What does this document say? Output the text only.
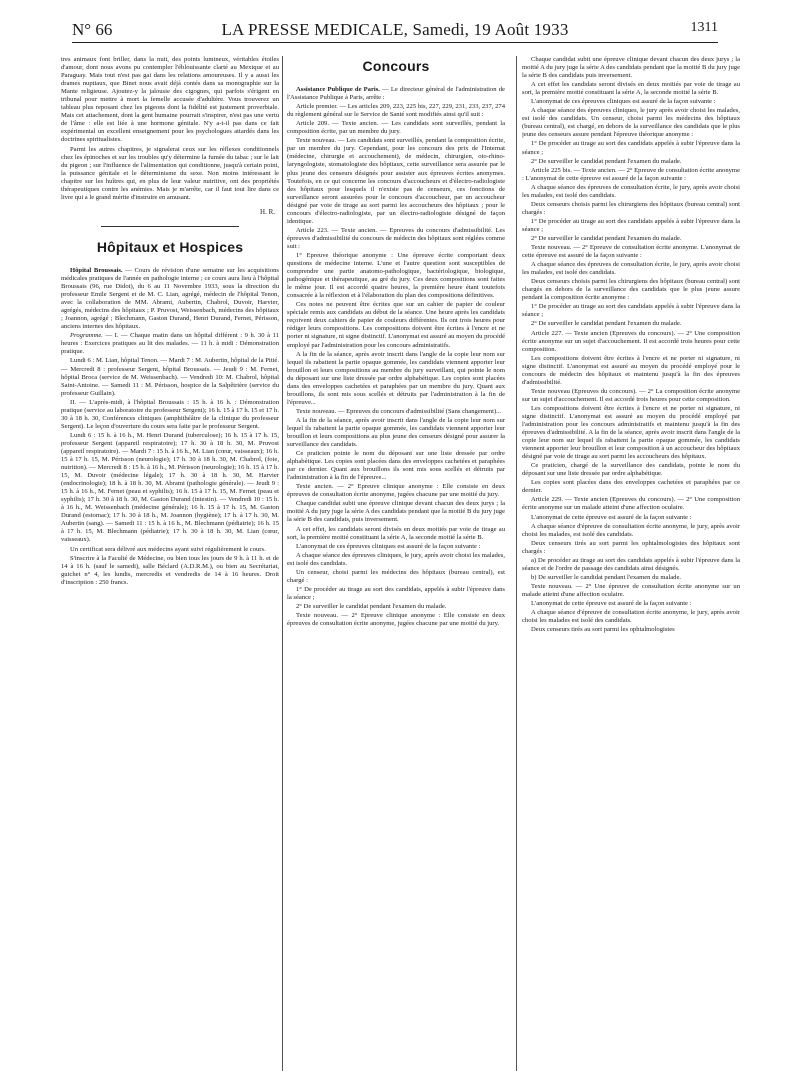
N° 66	LA PRESSE MEDICALE, Samedi, 19 Août 1933	1311

tres animaux font briller, dans la nuit, des points lumineux, véritables étoiles d'amour, dont nous avons pu contempler l'éblouissante clarté au Mexique et au Paraguay. Mais tout n'est pas gai dans les relations amoureuses. Il y a aussi les drames nuptiaux, que Binet nous avait déjà contés dans sa monographie sur la Mante religieuse. Ajoutez-y la jalousie des cigognes, qui parfois s'érigent en tribunal pour mettre à mort la femelle accusée d'adultère. Vous trouverez un tableau plus reposant chez les pigeons dont la fidélité est justement proverbiale. Mais cet attachement, dont la gent humaine pourrait s'inspirer, n'est pas une vertu de l'âme : elle est liée à une hormone génitale. N'y a-t-il pas dans ce fait expérimental un excellent enseignement pour les psychologues attardés dans les doctrines spiritualistes.

Parmi les autres chapitres, je signalerai ceux sur les réflexes conditionnels chez les épinoches et sur les troubles qu'y détermine la fumée du tabac ; sur le lait du pigeon ; sur l'influence de l'alimentation qui conditionne, jusqu'à certain point, la puissance génitale et le déterminisme du sexe. Non moins intéressant le chapitre sur les huîtres qui, en plus de leur valeur nutritive, ont des propriétés thérapeutiques contre les anémies. Mais je m'arrête, car il faut tout lire dans ce livre qui a le grand mérite d'instruire en amusant.

H. R.
Hôpitaux et Hospices

Hôpital Broussais. — Cours de révision d'une semaine sur les acquisitions médicales pratiques de l'année en pathologie interne ; ce cours aura lieu à l'hôpital Broussais (96, rue Didot), du 6 au 11 Novembre 1933, sous la direction du professeur Emile Sergent et de M. C. Lian, agrégé, médecin de l'hôpital Tenon, avec la collaboration de MM. Abrami, Aubertin, Chabrol, Duvoir, Harvier, agrégés, médecins des hôpitaux ; P. Pruvost, Weissenbach, médecins des hôpitaux ; Joannon, agrégé ; Blechmann, Gaston Durand, Henri Durand, Fernet, Périsson, anciens internes des hôpitaux.

Programme. — I. — Chaque matin dans un hôpital différent : 9 h. 30 à 11 heures : Exercices pratiques au lit des malades. — 11 h. à midi : Démonstration pratique.

Lundi 6 : M. Lian, hôpital Tenon. — Mardi 7 : M. Aubertin, hôpital de la Pitié. — Mercredi 8 : professeur Sergent, hôpital Broussais. — Jeudi 9 : M. Fernet, hôpital Broca (service de M. Weissenbach). — Vendredi 10: M. Chabrol, hôpital Saint-Antoine. — Samedi 11 : M. Périsson, hospice de la Salpêtrière (service du professeur Guillain).

II. — L'après-midi, à l'hôpital Broussais : 15 h. à 16 h. : Démonstration pratique (service au laboratoire du professeur Sergent); 16 h. 15 à 17 h. 15 et 17 h. 30 à 18 h. 30, Conférences cliniques (amphithéâtre de la clinique du professeur Sergent). Le leçon d'ouverture du cours sera faite par le professeur Sergent.

Lundi 6 : 15 h. à 16 h., M. Henri Durand (tuberculose); 16 h. 15 à 17 h. 15, professeur Sergent (appareil respiratoire); 17 h. 30 à 18 h. 30, M. Pruvost (appareil respiratoire). — Mardi 7 : 15 h. à 16 h., M. Lian (cœur, vaisseaux); 16 h. 15 à 17 h. 15, M. Périsson (neurologie); 17 h. 30 à 18 h. 30, M. Chabrol, (foie, nutrition). — Mercredi 8 : 15 h. à 16 h., M. Périsson (neurologie); 16 h. 15 à 17 h. 15, M. Duvoir (médecine légale); 17 h. 30 à 18 h. 30, M. Harvier (endocrinologie); 18 h. à 18 h. 30, M. Abrami (pathologie générale). — Jeudi 9 : 15 h. à 16 h., M. Fernet (peau et syphilis); 16 h. 15 à 17 h. 15, M. Fernet (peau et syphilis); 17 h. 30 à 18 h. 30, M. Gaston Durand (intestin). — Vendredi 10 : 15 h. à 16 h., M. Weissenbach (médecine générale); 16 h. 15 à 17 h. 15, M. Gaston Durand (estomac); 17 h. 30 à 18 h., M. Joannon (hygiène); 17 h. à 17 h. 30, M. Aubertin (sang). — Samedi 11 : 15 h. à 16 h., M. Blechmann (pédiatrie); 16 h. 15 à 17 h. 15, M. Blechmann (pédiatrie); 17 h. 30 à 18 h. 30, M. Lian (cœur, vaisseaux).

Un certificat sera délivré aux médecins ayant suivi régulièrement le cours.

S'inscrire à la Faculté de Médecine, ou bien tous les jours de 9 h. à 11 h. et de 14 à 16 h. (sauf le samedi), salle Béclard (A.D.R.M.), ou bien au Secrétariat, guichet n° 4, les lundis, mercredis et vendredis de 14 à 16 heures. Droit d'inscription : 250 francs.

Concours

Assistance Publique de Paris. — Le directeur général de l'administration de l'Assistance Publique à Paris, arrête :

Article premier. — Les articles 209, 223, 225 bis, 227, 229, 231, 233, 237, 274 du règlement général sur le Service de Santé sont modifiés ainsi qu'il suit :

Article 209. — Texte ancien. — Les candidats sont surveillés, pendant la composition écrite, par un membre du jury.

Texte nouveau. — Les candidats sont surveillés, pendant la composition écrite, par un membre du jury. Cependant, pour les concours des prix de l'Internat (médecine, chirurgie et accouchement), de médecin, chirurgien, oto-rhino-laryngologiste, stomatologiste des hôpitaux, cette surveillance sera assurée par le plus jeune des censeurs désignés pour assister aux épreuves écrites anonymes. Toutefois, en ce qui concerne les concours d'accoucheurs et d'électro-radiologiste des hôpitaux pour lesquels il n'existe pas de censeurs, ces fonctions de surveillance seront assurées pour le concours d'accoucheur, par un accoucheur désigné par voie de tirage au sort parmi les accoucheurs des hôpitaux ; pour le concours d'électro-radiologiste, par un électro-radiologiste désigné de façon identique.

Article 223. — Texte ancien. — Epreuves du concours d'admissibilité. Les épreuves d'admissibilité du concours de médecin des hôpitaux sont réglées comme suit :

1° Epreuve théorique anonyme : Une épreuve écrite comportant deux questions de médecine interne. L'une et l'autre question sont susceptibles de comprendre une partie anatomo-pathologique, bactériologique, biologique, pathogénique et thérapeutique, au gré du jury. Ces deux compositions sont faites le même jour. Il est accordé quatre heures, la première heure étant toutefois consacrée à la réflexion et à l'élaboration du plan des compositions définitives.

Ces notes ne peuvent être écrites que sur un cahier de papier de couleur spéciale remis aux candidats au début de la séance. Une heure après les candidats reçoivent deux cahiers de papier de couleurs différentes. Ils ont trois heures pour rédiger leurs compositions. Les compositions doivent être écrites à l'encre et ne porter ni signature, ni signe distinctif. L'anonymat est assuré au moyen du procédé employé par l'administration pour les concours administratifs.

A la fin de la séance, après avoir inscrit dans l'angle de la copie leur nom sur lequel ils rabattent la partie opaque gommée, les candidats viennent apporter leur brouillon et leurs compositions au membre du jury surveillant, qui pointe le nom du déposant sur une liste dressée par ordre alphabétique. Les copies sont placées dans des enveloppes cachetées et paraphées par un membre du jury. Quant aux brouillons, ils sont mis sous scellés et détruits par l'administration à la fin de l'épreuve...

Texte nouveau. — Epreuves du concours d'admissibilité (Sans changement)...

A la fin de la séance, après avoir inscrit dans l'angle de la copie leur nom sur lequel ils rabattent la partie opaque gommée, les candidats viennent apporter leur brouillon et leurs compositions au plus jeune des censeurs désigné pour assurer la surveillance des candidats.

Ce praticien pointe le nom du déposant sur une liste dressée par ordre alphabétique. Les copies sont placées dans des enveloppes cachetées et paraphées par ce dernier. Quant aux brouillons ils sont mis sous scellés et détruits par l'administration à la fin de l'épreuve...

Texte ancien. — 2° Epreuve clinique anonyme : Elle consiste en deux épreuves de consultation écrite anonyme, jugées chacune par une moitié du jury.

Chaque candidat subit une épreuve clinique devant chacun des deux jurys ; la moitié A du jury juge la série A des candidats pendant que la moitié B du jury juge la série B des candidats, puis inversement.

A cet effet, les candidats seront divisés en deux moitiés par voie de tirage au sort, la première moitié constituant la série A, la seconde moitié la série B.

L'anonymat de ces épreuves cliniques est assuré de la façon suivante :

A chaque séance des épreuves cliniques, le jury, après avoir choisi les malades, est isolé des candidats.

Un censeur, choisi parmi les médecins des hôpitaux (bureau central), est chargé :

1° De procéder au tirage au sort des candidats, appelés à subir l'épreuve dans la séance ;

2° De surveiller le candidat pendant l'examen du malade.

Texte nouveau. — 2° Epreuve clinique anonyme : Elle consiste en deux épreuves de consultation écrite anonyme, jugées chacune par une moitié du jury.

Chaque candidat subit une épreuve clinique devant chacun des deux jurys ; la moitié A du jury juge la série A des candidats pendant que la moitié B du jury juge la série B des candidats puis inversement.

A cet effet les candidats seront divisés en deux moitiés par voie de tirage au sort, la première moitié constituant la série A, la seconde moitié la série B.

L'anonymat de ces épreuves cliniques est assuré de la façon suivante :

A chaque séance des épreuves cliniques, le jury après avoir choisi les malades, est isolé des candidats. Un censeur, choisi parmi les médecins des hôpitaux (bureau central), est chargé, en dehors de la surveillance des candidats que le plus jeune des censeurs assure pendant l'épreuve théorique anonyme :

1° De procéder au tirage au sort des candidats appelés à subir l'épreuve dans la séance ;

2° De surveiller le candidat pendant l'examen du malade.

Article 225 bis. — Texte ancien. — 2° Epreuve de consultation écrite anonyme : L'anonymat de cette épreuve est assuré de la façon suivante :

A chaque séance des épreuves de consultation écrite, le jury, après avoir choisi les malades, est isolé des candidats.

Deux censeurs choisis parmi les chirurgiens des hôpitaux (bureau central) sont chargés :

1° De procéder au tirage au sort des candidats appelés à subir l'épreuve dans la séance ;

2° De surveiller le candidat pendant l'examen du malade.

Texte nouveau. — 2° Epreuve de consultation écrite anonyme. L'anonymat de cette épreuve est assuré de la façon suivante :

A chaque séance des épreuves de consultation écrite, le jury, après avoir choisi les malades, est isolé des candidats.

Deux censeurs choisis parmi les chirurgiens des hôpitaux (bureau central) sont chargés en dehors de la surveillance des candidats que le plus jeune assure pendant la composition écrite anonyme :

1° De procéder au tirage au sort des candidats appelés à subir l'épreuve dans la séance ;

2° De surveiller le candidat pendant l'examen du malade.

Article 227. — Texte ancien (Epreuves du concours). — 2° Une composition écrite anonyme sur un sujet d'accouchement. Il est accordé trois heures pour cette composition.

Les compositions doivent être écrites à l'encre et ne porter ni signature, ni signe distinctif. L'anonymat est assuré au moyen du procédé employé pour le concours de médecin des hôpitaux et maintenu jusqu'à la fin des épreuves d'admissibilité.

Texte nouveau (Epreuves du concours). — 2° La composition écrite anonyme sur un sujet d'accouchement. Il est accordé trois heures pour cette composition.

Les compositions doivent être écrites à l'encre et ne porter ni signature, ni signe distinctif. L'anonymat est assuré au moyen du procédé employé par l'administration pour les concours administratifs et maintenu jusqu'à la fin des épreuves d'admissibilité. A la fin de la séance, après avoir inscrit dans l'angle de la copie leur nom sur lequel ils rabattent la partie opaque gommée, les candidats viennent apporter leur brouillon et leur composition à un accoucheur des hôpitaux désigné par voie de tirage au sort parmi les accoucheurs des hôpitaux.

Ce praticien, chargé de la surveillance des candidats, pointe le nom du déposant sur une liste dressée par ordre alphabétique.

Les copies sont placées dans des enveloppes cachetées et paraphées par ce dernier.

Article 229. — Texte ancien (Epreuves du concours). — 2° Une composition écrite anonyme sur un malade atteint d'une affection oculaire.

L'anonymat de cette épreuve est assuré de la façon suivante :

A chaque séance d'épreuve de consultation écrite anonyme, le jury, après avoir choisi les malades, est isolé des candidats.

Deux censeurs tirés au sort parmi les ophtalmologistes des hôpitaux sont chargés :

a) De procéder au tirage au sort des candidats appelés à subir l'épreuve dans la séance et de l'ordre de passage des candidats ainsi désignés.

b) De surveiller le candidat pendant l'examen du malade.

Texte nouveau. — 2° Une épreuve de consultation écrite anonyme sur un malade atteint d'une affection oculaire.

L'anonymat de cette épreuve est assuré de la façon suivante :

A chaque séance d'épreuve de consultation écrite anonyme, le jury, après avoir choisi les malades est isolé des candidats.

Deux censeurs tirés au sort parmi les ophtalmologistes
